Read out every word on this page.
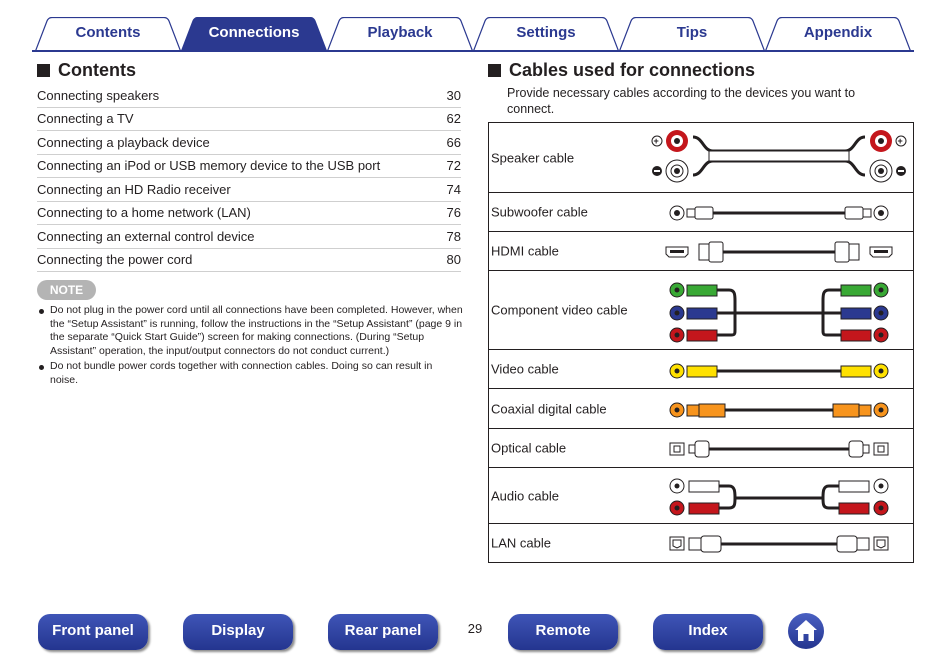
Contents	Connections	Playback	Settings	Tips	Appendix
Contents
Connecting speakers	30
Connecting a TV	62
Connecting a playback device	66
Connecting an iPod or USB memory device to the USB port	72
Connecting an HD Radio receiver	74
Connecting to a home network (LAN)	76
Connecting an external control device	78
Connecting the power cord	80
NOTE
Do not plug in the power cord until all connections have been completed. However, when the “Setup Assistant” is running, follow the instructions in the “Setup Assistant” (page 9 in the separate “Quick Start Guide”) screen for making connections. (During “Setup Assistant” operation, the input/output connectors do not conduct current.)
Do not bundle power cords together with connection cables. Doing so can result in noise.
Cables used for connections
Provide necessary cables according to the devices you want to connect.
Speaker cable
+	+
Subwoofer cable
HDMI cable
Component video cable
Video cable
Coaxial digital cable
Optical cable
Audio cable
LAN cable
Front panel	Display	Rear panel	29	Remote	Index
